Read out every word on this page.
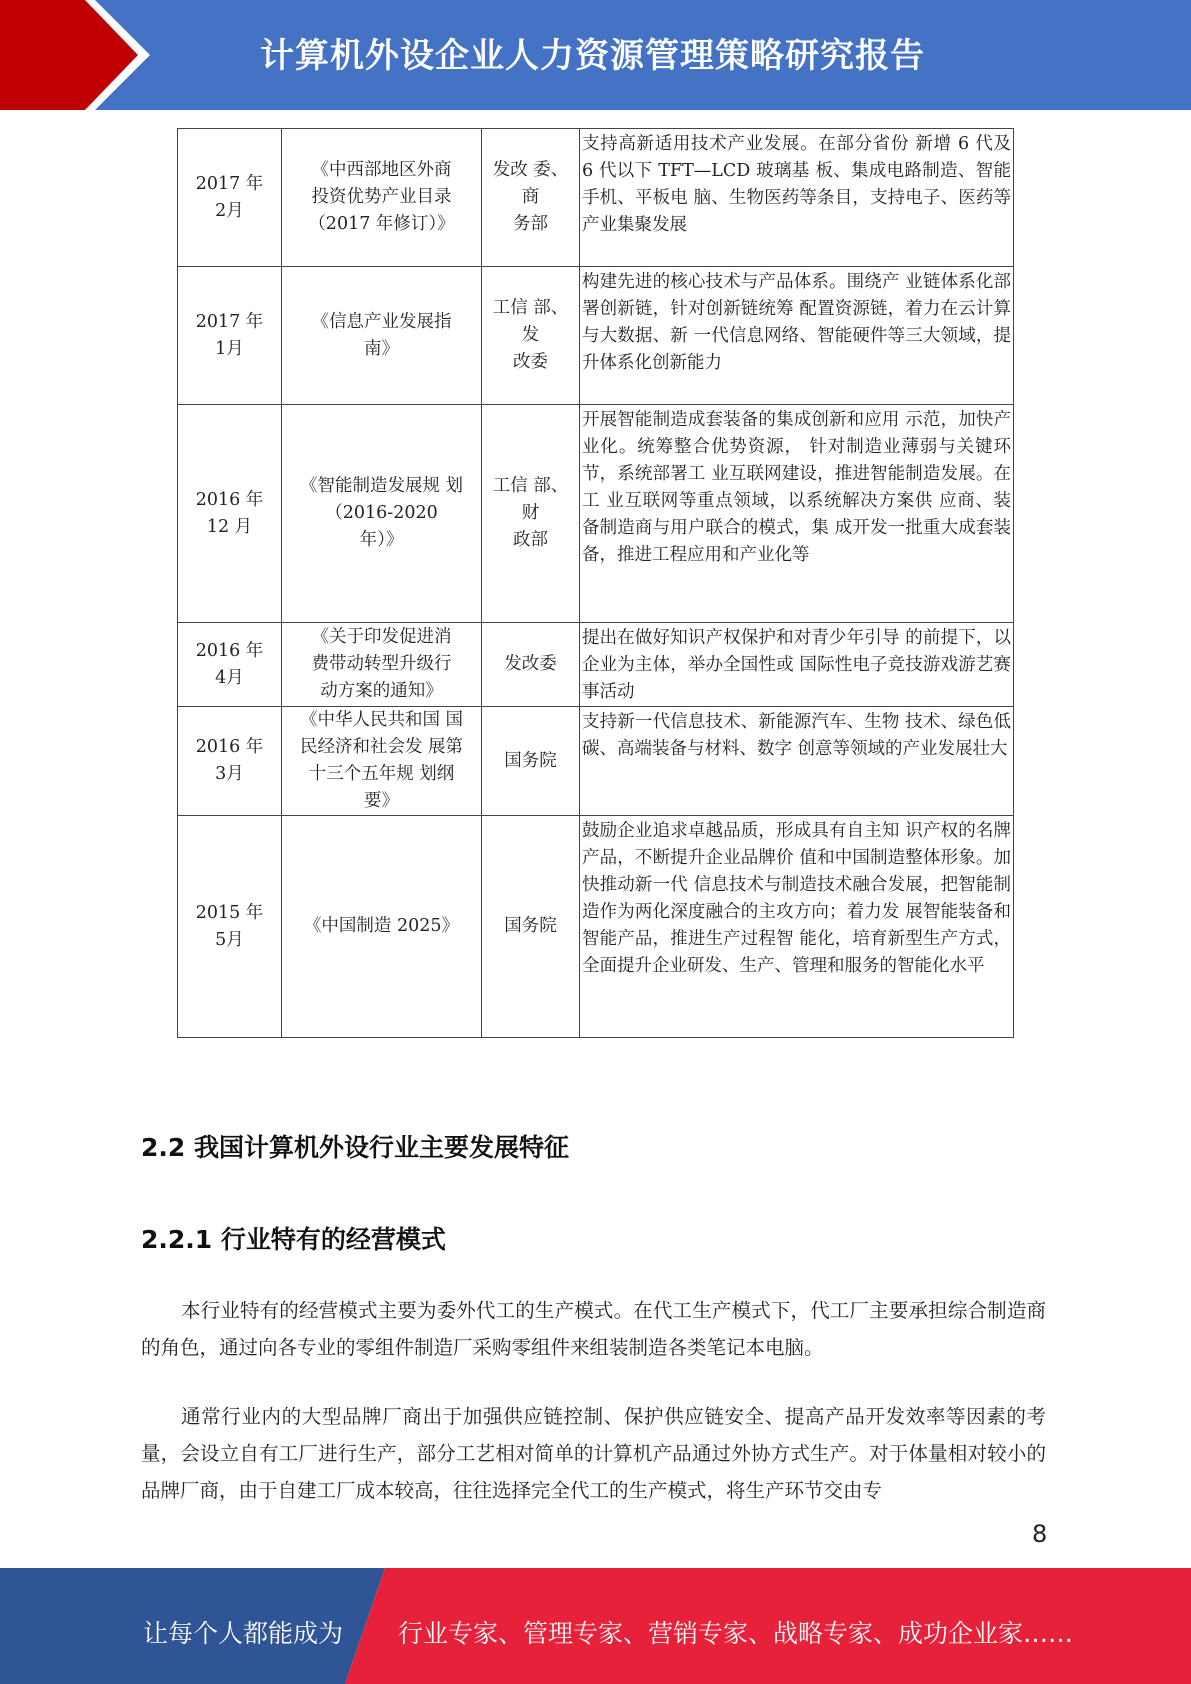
计算机外设企业人力资源管理策略研究报告
2017 年
2月	《中西部地区外商
投资优势产业目录
（2017 年修订）》	发改 委、
商
务部	支持高新适用技术产业发展。在部分省份 新增 6 代及 6 代以下 TFT—LCD 玻璃基 板、集成电路制造、智能手机、平板电 脑、生物医药等条目，支持电子、医药等 产业集聚发展

2017 年
1月	《信息产业发展指
南》	工信 部、
发
改委	构建先进的核心技术与产品体系。围绕产 业链体系化部署创新链，针对创新链统筹 配置资源链，着力在云计算与大数据、新 一代信息网络、智能硬件等三大领域，提 升体系化创新能力

2016 年
12 月	《智能制造发展规 划
（2016-2020
年）》	工信 部、
财
政部	开展智能制造成套装备的集成创新和应用 示范，加快产业化。统筹整合优势资源， 针对制造业薄弱与关键环节，系统部署工 业互联网建设，推进智能制造发展。在工 业互联网等重点领域，以系统解决方案供 应商、装备制造商与用户联合的模式，集 成开发一批重大成套装备，推进工程应用和产业化等

2016 年
4月	《关于印发促进消
费带动转型升级行
动方案的通知》	发改委	提出在做好知识产权保护和对青少年引导 的前提下，以企业为主体，举办全国性或 国际性电子竞技游戏游艺赛事活动

2016 年
3月	《中华人民共和国 国
民经济和社会发 展第
十三个五年规 划纲
要》	国务院	支持新一代信息技术、新能源汽车、生物 技术、绿色低碳、高端装备与材料、数字 创意等领域的产业发展壮大

2015 年
5月	《中国制造 2025》	国务院	鼓励企业追求卓越品质，形成具有自主知 识产权的名牌产品，不断提升企业品牌价 值和中国制造整体形象。加快推动新一代 信息技术与制造技术融合发展，把智能制 造作为两化深度融合的主攻方向；着力发 展智能装备和智能产品，推进生产过程智 能化，培育新型生产方式，全面提升企业研发、生产、管理和服务的智能化水平
2.2 我国计算机外设行业主要发展特征
2.2.1 行业特有的经营模式

本行业特有的经营模式主要为委外代工的生产模式。在代工生产模式下，代工厂主要承担综合制造商的角色，通过向各专业的零组件制造厂采购零组件来组装制造各类笔记本电脑。

通常行业内的大型品牌厂商出于加强供应链控制、保护供应链安全、提高产品开发效率等因素的考量，会设立自有工厂进行生产，部分工艺相对简单的计算机产品通过外协方式生产。对于体量相对较小的品牌厂商，由于自建工厂成本较高，往往选择完全代工的生产模式，将生产环节交由专

8
让每个人都能成为 行业专家、管理专家、营销专家、战略专家、成功企业家……
